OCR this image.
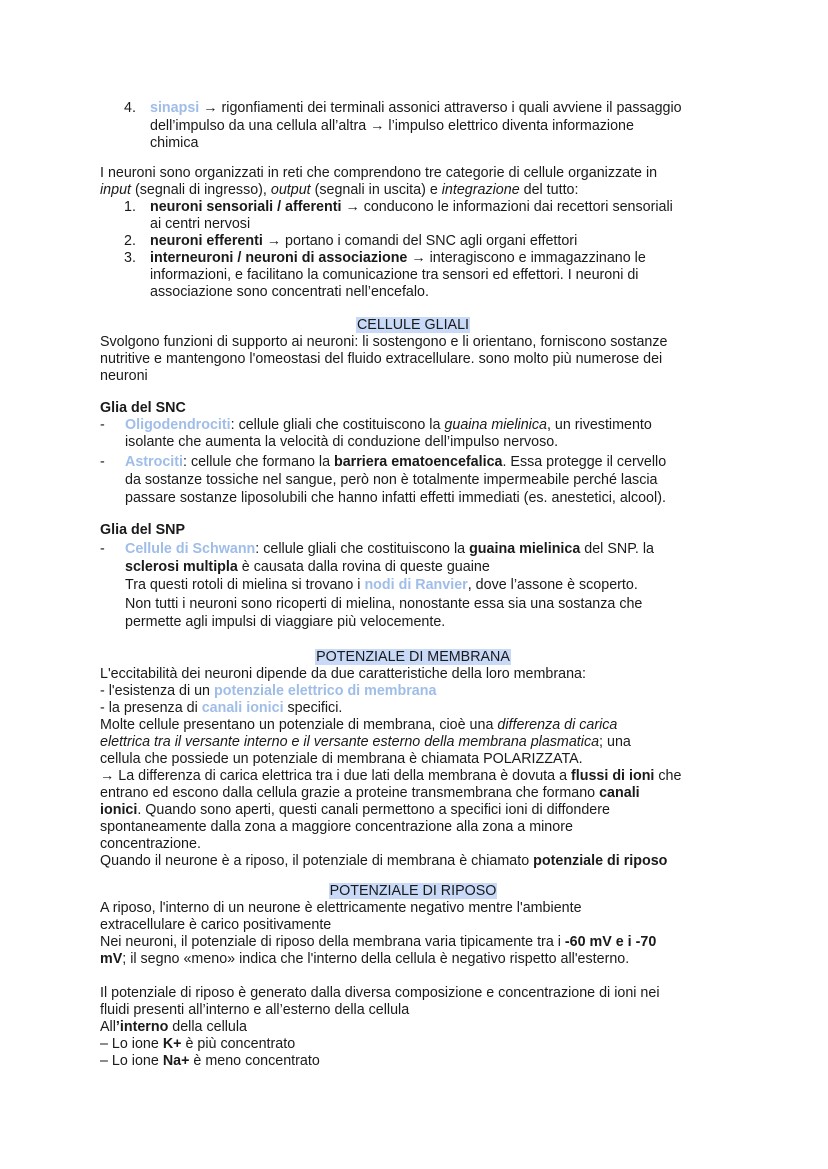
4. sinapsi → rigonfiamenti dei terminali assonici attraverso i quali avviene il passaggio
dell’impulso da una cellula all’altra → l’impulso elettrico diventa informazione
chimica
I neuroni sono organizzati in reti che comprendono tre categorie di cellule organizzate in
input (segnali di ingresso), output (segnali in uscita) e integrazione del tutto:
1. neuroni sensoriali / afferenti → conducono le informazioni dai recettori sensoriali
ai centri nervosi
2. neuroni efferenti → portano i comandi del SNC agli organi effettori
3. interneuroni / neuroni di associazione → interagiscono e immagazzinano le
informazioni, e facilitano la comunicazione tra sensori ed effettori. I neuroni di
associazione sono concentrati nell’encefalo.
CELLULE GLIALI
Svolgono funzioni di supporto ai neuroni: li sostengono e li orientano, forniscono sostanze
nutritive e mantengono l'omeostasi del fluido extracellulare. sono molto più numerose dei
neuroni
Glia del SNC
- Oligodendrociti: cellule gliali che costituiscono la guaina mielinica, un rivestimento
isolante che aumenta la velocità di conduzione dell’impulso nervoso.
- Astrociti: cellule che formano la barriera ematoencefalica. Essa protegge il cervello
da sostanze tossiche nel sangue, però non è totalmente impermeabile perché lascia
passare sostanze liposolubili che hanno infatti effetti immediati (es. anestetici, alcool).
Glia del SNP
- Cellule di Schwann: cellule gliali che costituiscono la guaina mielinica del SNP. la
sclerosi multipla è causata dalla rovina di queste guaine
Tra questi rotoli di mielina si trovano i nodi di Ranvier, dove l’assone è scoperto.
Non tutti i neuroni sono ricoperti di mielina, nonostante essa sia una sostanza che
permette agli impulsi di viaggiare più velocemente.
POTENZIALE DI MEMBRANA
L'eccitabilità dei neuroni dipende da due caratteristiche della loro membrana:
- l'esistenza di un potenziale elettrico di membrana
- la presenza di canali ionici specifici.
Molte cellule presentano un potenziale di membrana, cioè una differenza di carica
elettrica tra il versante interno e il versante esterno della membrana plasmatica; una
cellula che possiede un potenziale di membrana è chiamata POLARIZZATA.
→ La differenza di carica elettrica tra i due lati della membrana è dovuta a flussi di ioni che
entrano ed escono dalla cellula grazie a proteine transmembrana che formano canali
ionici. Quando sono aperti, questi canali permettono a specifici ioni di diffondere
spontaneamente dalla zona a maggiore concentrazione alla zona a minore
concentrazione.
Quando il neurone è a riposo, il potenziale di membrana è chiamato potenziale di riposo
POTENZIALE DI RIPOSO
A riposo, l'interno di un neurone è elettricamente negativo mentre l'ambiente
extracellulare è carico positivamente
Nei neuroni, il potenziale di riposo della membrana varia tipicamente tra i -60 mV e i -70
mV; il segno «meno» indica che l'interno della cellula è negativo rispetto all'esterno.
Il potenziale di riposo è generato dalla diversa composizione e concentrazione di ioni nei
fluidi presenti all’interno e all’esterno della cellula
All’interno della cellula
– Lo ione K+ è più concentrato
– Lo ione Na+ è meno concentrato
